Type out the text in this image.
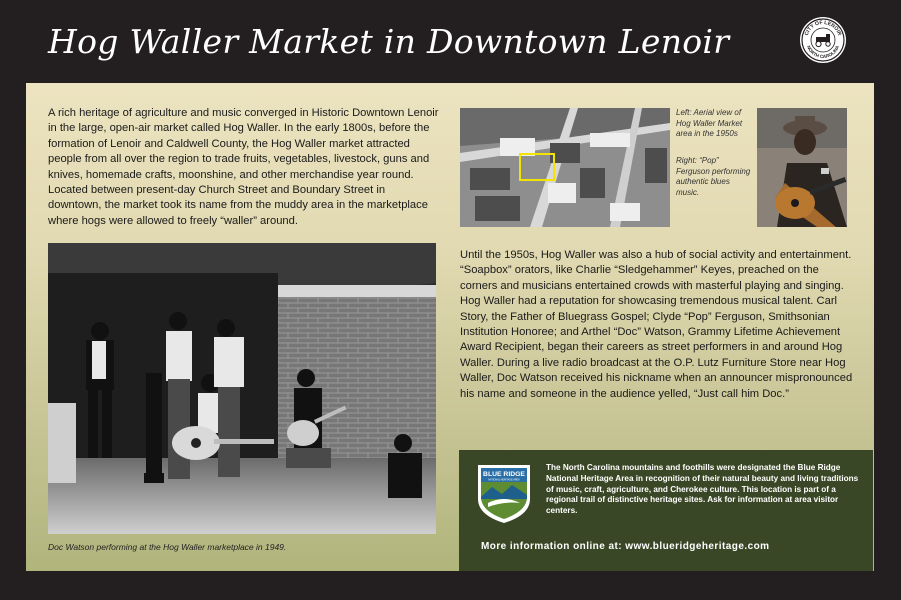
Hog Waller Market in Downtown Lenoir	CITY OF LENOIR
NORTH CAROLINA

A rich heritage of agriculture and music converged in Historic Downtown Lenoir in the large, open-air market called Hog Waller. In the early 1800s, before the formation of Lenoir and Caldwell County, the Hog Waller market attracted people from all over the region to trade fruits, vegetables, livestock, guns and knives, homemade crafts, moonshine, and other merchandise year round. Located between present-day Church Street and Boundary Street in downtown, the market took its name from the muddy area in the marketplace where hogs were allowed to freely “waller” around.

Doc Watson performing at the Hog Waller marketplace in 1949.

Left: Aerial view of Hog Waller Market area in the 1950s

Right: “Pop” Ferguson performing authentic blues music.

Until the 1950s, Hog Waller was also a hub of social activity and entertainment. “Soapbox” orators, like Charlie “Sledgehammer” Keyes, preached on the corners and musicians entertained crowds with masterful playing and singing. Hog Waller had a reputation for showcasing tremendous musical talent. Carl Story, the Father of Bluegrass Gospel; Clyde “Pop” Ferguson, Smithsonian Institution Honoree; and Arthel “Doc” Watson, Grammy Lifetime Achievement Award Recipient, began their careers as street performers in and around Hog Waller. During a live radio broadcast at the O.P. Lutz Furniture Store near Hog Waller, Doc Watson received his nickname when an announcer mispronounced his name and someone in the audience yelled, “Just call him Doc.”

BLUE RIDGE
NATIONAL HERITAGE AREA

The North Carolina mountains and foothills were designated the Blue Ridge National Heritage Area in recognition of their natural beauty and living traditions of music, craft, agriculture, and Cherokee culture. This location is part of a regional trail of distinctive heritage sites. Ask for information at area visitor centers.

More information online at: www.blueridgeheritage.com
